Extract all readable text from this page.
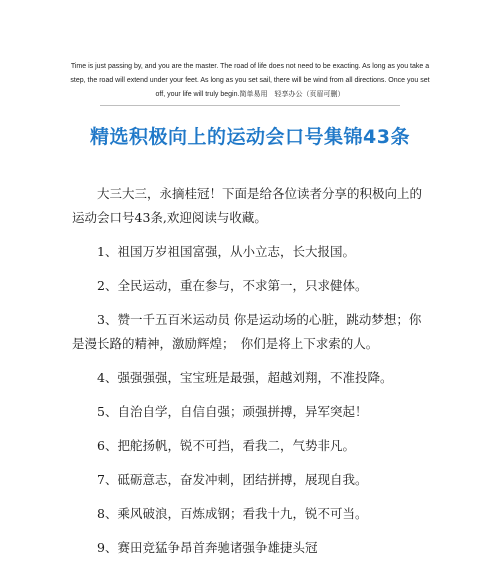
Time is just passing by, and you are the master. The road of life does not need to be exacting. As long as you take a step, the road will extend under your feet. As long as you set sail, there will be wind from all directions. Once you set off, your life will truly begin.简单易用　轻享办公（页眉可删）
精选积极向上的运动会口号集锦43条

大三大三，永摘桂冠！下面是给各位读者分享的积极向上的运动会口号43条,欢迎阅读与收藏。

1、祖国万岁祖国富强，从小立志，长大报国。

2、全民运动，重在参与，不求第一，只求健体。

3、赞一千五百米运动员 你是运动场的心脏，跳动梦想；你是漫长路的精神，激励辉煌；　你们是将上下求索的人。

4、强强强强，宝宝班是最强，超越刘翔，不准投降。

5、自治自学，自信自强；顽强拼搏，异军突起！

6、把舵扬帆，锐不可挡，看我二，气势非凡。

7、砥砺意志，奋发冲刺，团结拼搏，展现自我。

8、乘风破浪，百炼成钢；看我十九，锐不可当。

9、赛田竞猛争昂首奔驰诸强争雄捷头冠
